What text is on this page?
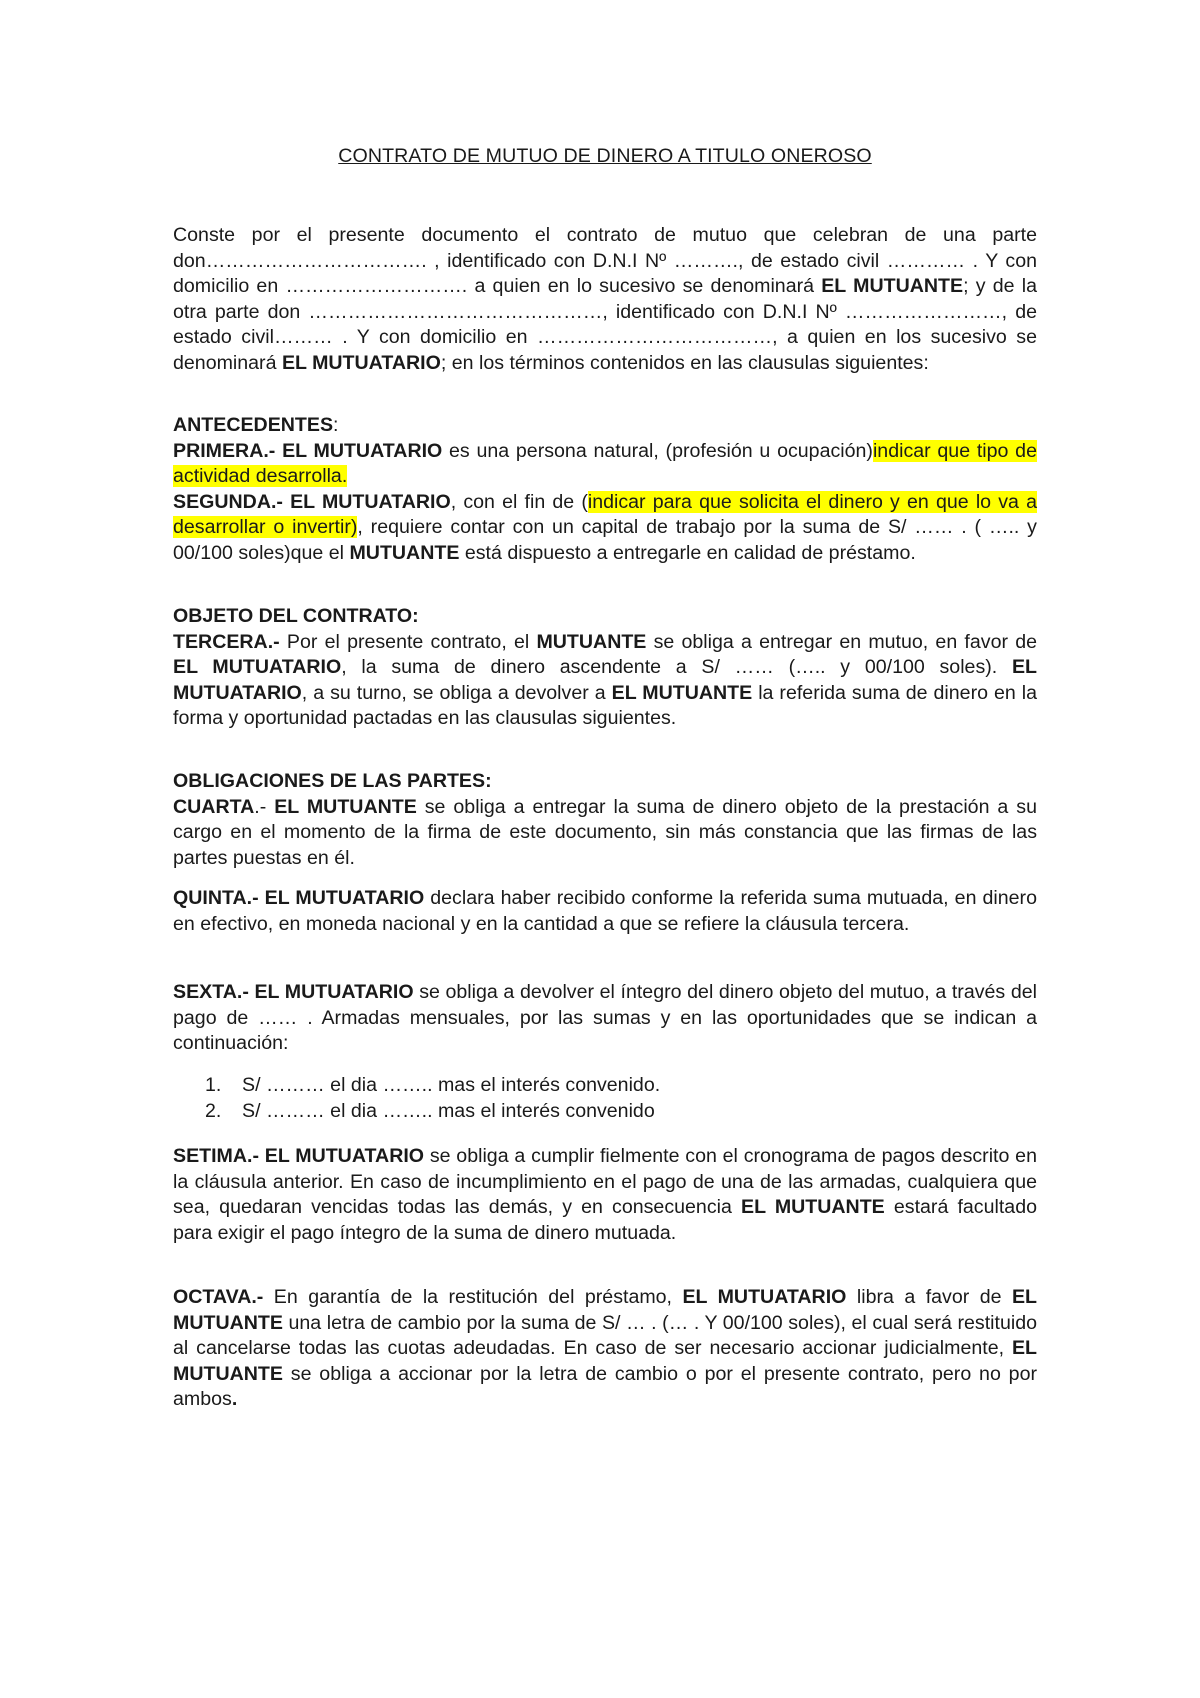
CONTRATO DE MUTUO DE DINERO A TITULO ONEROSO

Conste por el presente documento el contrato de mutuo que celebran de una parte don……………………………. , identificado con D.N.I Nº ………., de estado civil ………… . Y con domicilio en ………………………. a quien en lo sucesivo se denominará EL MUTUANTE; y de la otra parte don ………………………………………, identificado con D.N.I Nº ……………………, de estado civil……… . Y con domicilio en ………………………………, a quien en los sucesivo se denominará EL MUTUATARIO; en los términos contenidos en las clausulas siguientes:

ANTECEDENTES:

PRIMERA.- EL MUTUATARIO es una persona natural, (profesión u ocupación)indicar que tipo de actividad desarrolla.

SEGUNDA.- EL MUTUATARIO, con el fin de (indicar para que solicita el dinero y en que lo va a desarrollar o invertir), requiere contar con un capital de trabajo por la suma de S/ …… . ( ….. y 00/100 soles)que el MUTUANTE está dispuesto a entregarle en calidad de préstamo.

OBJETO DEL CONTRATO:

TERCERA.- Por el presente contrato, el MUTUANTE se obliga a entregar en mutuo, en favor de EL MUTUATARIO, la suma de dinero ascendente a S/ …… (….. y 00/100 soles). EL MUTUATARIO, a su turno, se obliga a devolver a EL MUTUANTE la referida suma de dinero en la forma y oportunidad pactadas en las clausulas siguientes.

OBLIGACIONES DE LAS PARTES:

CUARTA.- EL MUTUANTE se obliga a entregar la suma de dinero objeto de la prestación a su cargo en el momento de la firma de este documento, sin más constancia que las firmas de las partes puestas en él.

QUINTA.- EL MUTUATARIO declara haber recibido conforme la referida suma mutuada, en dinero en efectivo, en moneda nacional y en la cantidad a que se refiere la cláusula tercera.

SEXTA.- EL MUTUATARIO se obliga a devolver el íntegro del dinero objeto del mutuo, a través del pago de …… . Armadas mensuales, por las sumas y en las oportunidades que se indican a continuación:

1. S/ ……… el dia …….. mas el interés convenido.
2. S/ ……… el dia …….. mas el interés convenido

SETIMA.- EL MUTUATARIO se obliga a cumplir fielmente con el cronograma de pagos descrito en la cláusula anterior. En caso de incumplimiento en el pago de una de las armadas, cualquiera que sea, quedaran vencidas todas las demás, y en consecuencia EL MUTUANTE estará facultado para exigir el pago íntegro de la suma de dinero mutuada.

OCTAVA.- En garantía de la restitución del préstamo, EL MUTUATARIO libra a favor de EL MUTUANTE una letra de cambio por la suma de S/ … . (… . Y 00/100 soles), el cual será restituido al cancelarse todas las cuotas adeudadas. En caso de ser necesario accionar judicialmente, EL MUTUANTE se obliga a accionar por la letra de cambio o por el presente contrato, pero no por ambos.
